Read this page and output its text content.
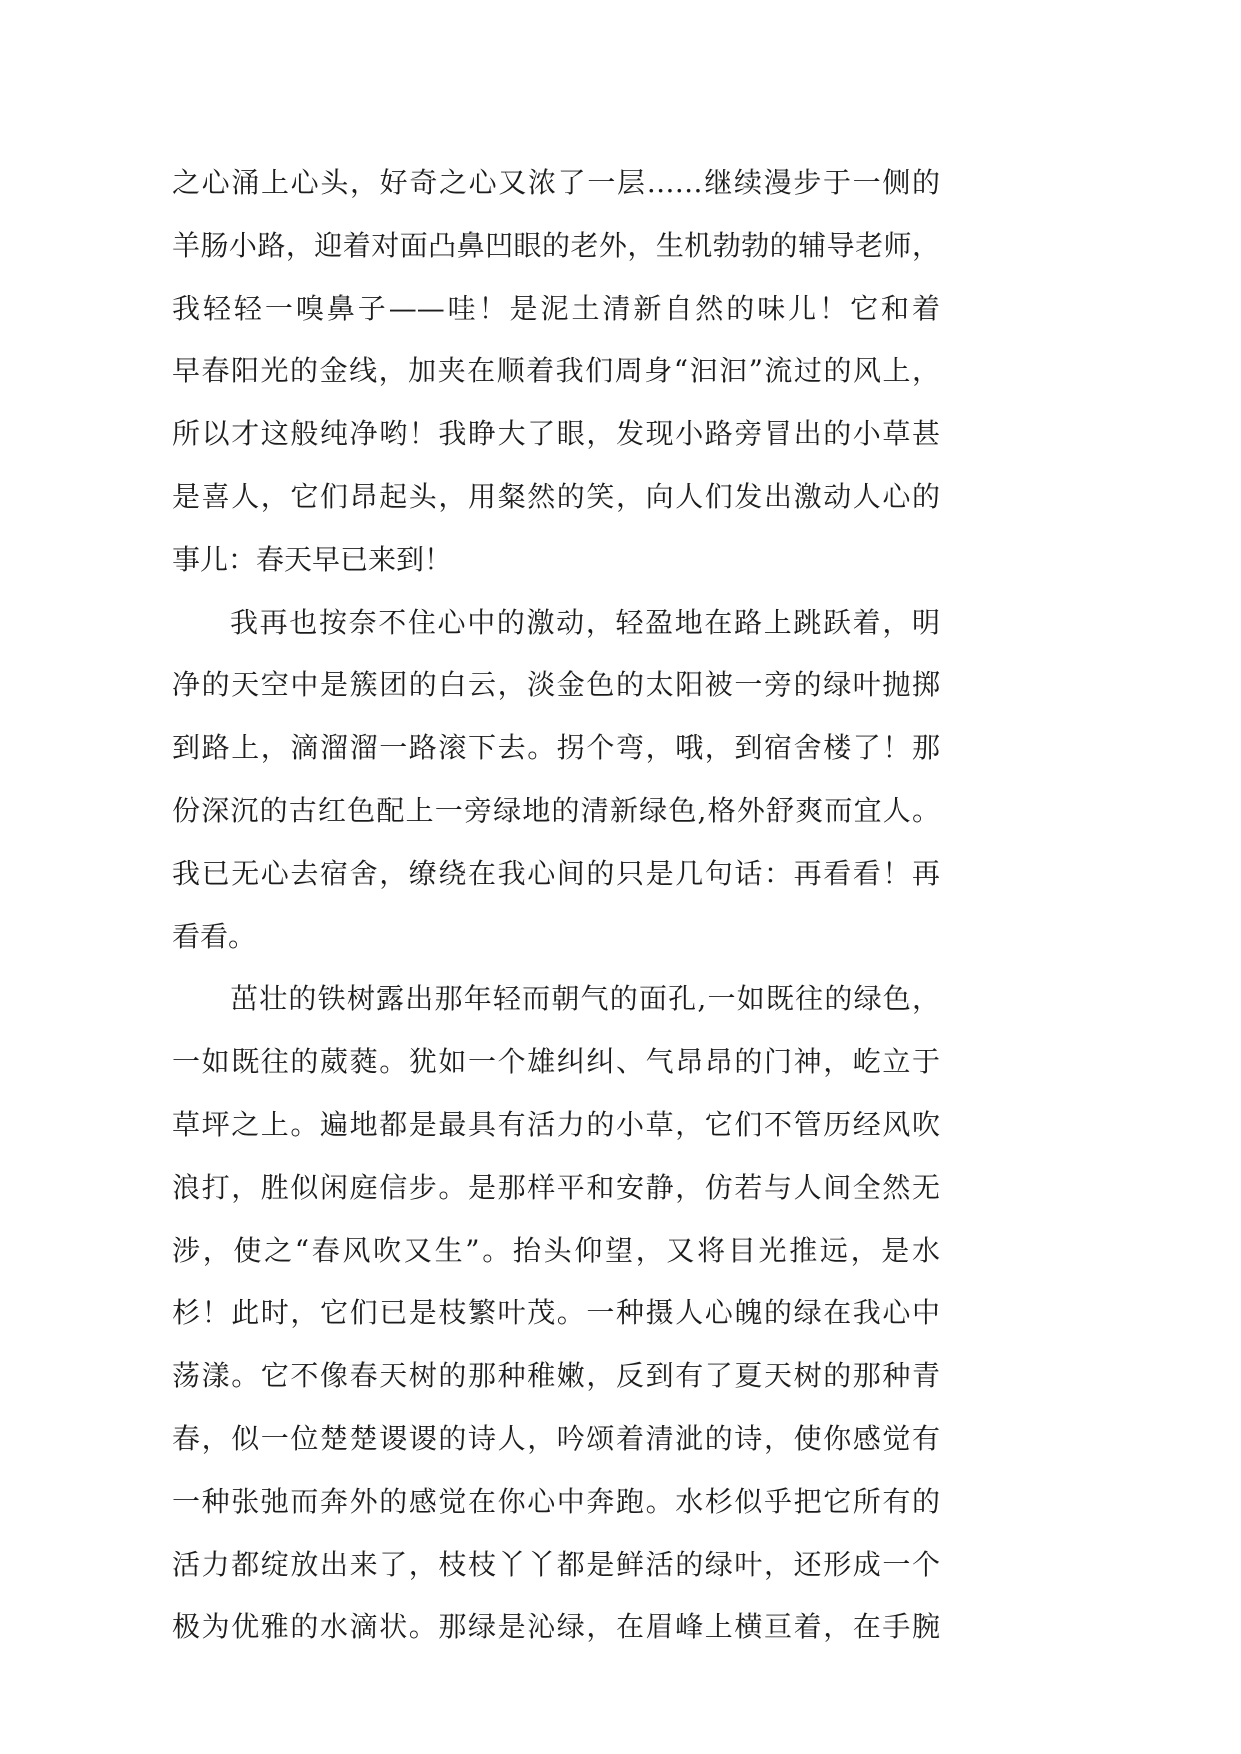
之心涌上心头，好奇之心又浓了一层……继续漫步于一侧的
羊肠小路，迎着对面凸鼻凹眼的老外，生机勃勃的辅导老师，
我轻轻一嗅鼻子——哇！是泥土清新自然的味儿！它和着
早春阳光的金线，加夹在顺着我们周身“汩汩”流过的风上，
所以才这般纯净哟！我睁大了眼，发现小路旁冒出的小草甚
是喜人，它们昂起头，用粲然的笑，向人们发出激动人心的
事儿：春天早已来到！
我再也按奈不住心中的激动，轻盈地在路上跳跃着，明
净的天空中是簇团的白云，淡金色的太阳被一旁的绿叶抛掷
到路上，滴溜溜一路滚下去。拐个弯，哦，到宿舍楼了！那
份深沉的古红色配上一旁绿地的清新绿色,格外舒爽而宜人。
我已无心去宿舍，缭绕在我心间的只是几句话：再看看！再
看看。
茁壮的铁树露出那年轻而朝气的面孔,一如既往的绿色，
一如既往的葳蕤。犹如一个雄纠纠、气昂昂的门神，屹立于
草坪之上。遍地都是最具有活力的小草，它们不管历经风吹
浪打，胜似闲庭信步。是那样平和安静，仿若与人间全然无
涉，使之“春风吹又生”。抬头仰望，又将目光推远，是水
杉！此时，它们已是枝繁叶茂。一种摄人心魄的绿在我心中
荡漾。它不像春天树的那种稚嫩，反到有了夏天树的那种青
春，似一位楚楚谡谡的诗人，吟颂着清泚的诗，使你感觉有
一种张弛而奔外的感觉在你心中奔跑。水杉似乎把它所有的
活力都绽放出来了，枝枝丫丫都是鲜活的绿叶，还形成一个
极为优雅的水滴状。那绿是沁绿，在眉峰上横亘着，在手腕
